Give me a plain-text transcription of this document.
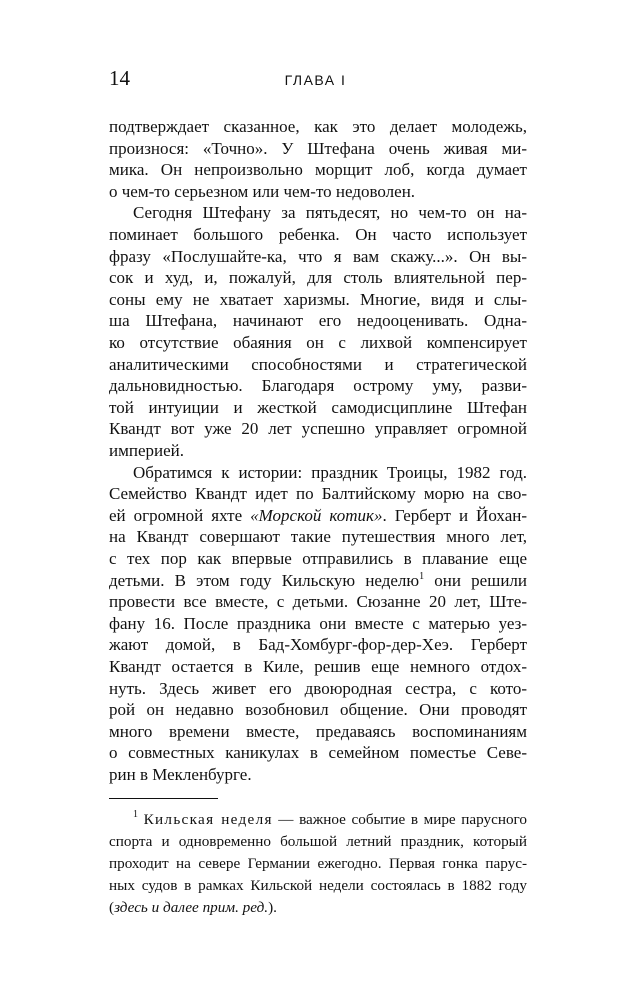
14	ГЛАВА I
подтверждает сказанное, как это делает молодежь,
произнося: «Точно». У Штефана очень живая ми-
мика. Он непроизвольно морщит лоб, когда думает
о чем-то серьезном или чем-то недоволен.
Сегодня Штефану за пятьдесят, но чем-то он на-
поминает большого ребенка. Он часто использует
фразу «Послушайте-ка, что я вам скажу...». Он вы-
сок и худ, и, пожалуй, для столь влиятельной пер-
соны ему не хватает харизмы. Многие, видя и слы-
ша Штефана, начинают его недооценивать. Одна-
ко отсутствие обаяния он с лихвой компенсирует
аналитическими способностями и стратегической
дальновидностью. Благодаря острому уму, разви-
той интуиции и жесткой самодисциплине Штефан
Квандт вот уже 20 лет успешно управляет огромной
империей.
Обратимся к истории: праздник Троицы, 1982 год.
Семейство Квандт идет по Балтийскому морю на сво-
ей огромной яхте «Морской котик». Герберт и Йохан-
на Квандт совершают такие путешествия много лет,
с тех пор как впервые отправились в плавание еще
детьми. В этом году Кильскую неделю$^1$ они решили
провести все вместе, с детьми. Сюзанне 20 лет, Ште-
фану 16. После праздника они вместе с матерью уез-
жают домой, в Бад-Хомбург-фор-дер-Хеэ. Герберт
Квандт остается в Киле, решив еще немного отдох-
нуть. Здесь живет его двоюродная сестра, с кото-
рой он недавно возобновил общение. Они проводят
много времени вместе, предаваясь воспоминаниям
о совместных каникулах в семейном поместье Севе-
рин в Мекленбурге.
$^1$ Кильская неделя — важное событие в мире парусного
спорта и одновременно большой летний праздник, который
проходит на севере Германии ежегодно. Первая гонка парус-
ных судов в рамках Кильской недели состоялась в 1882 году
(здесь и далее прим. ред.).
